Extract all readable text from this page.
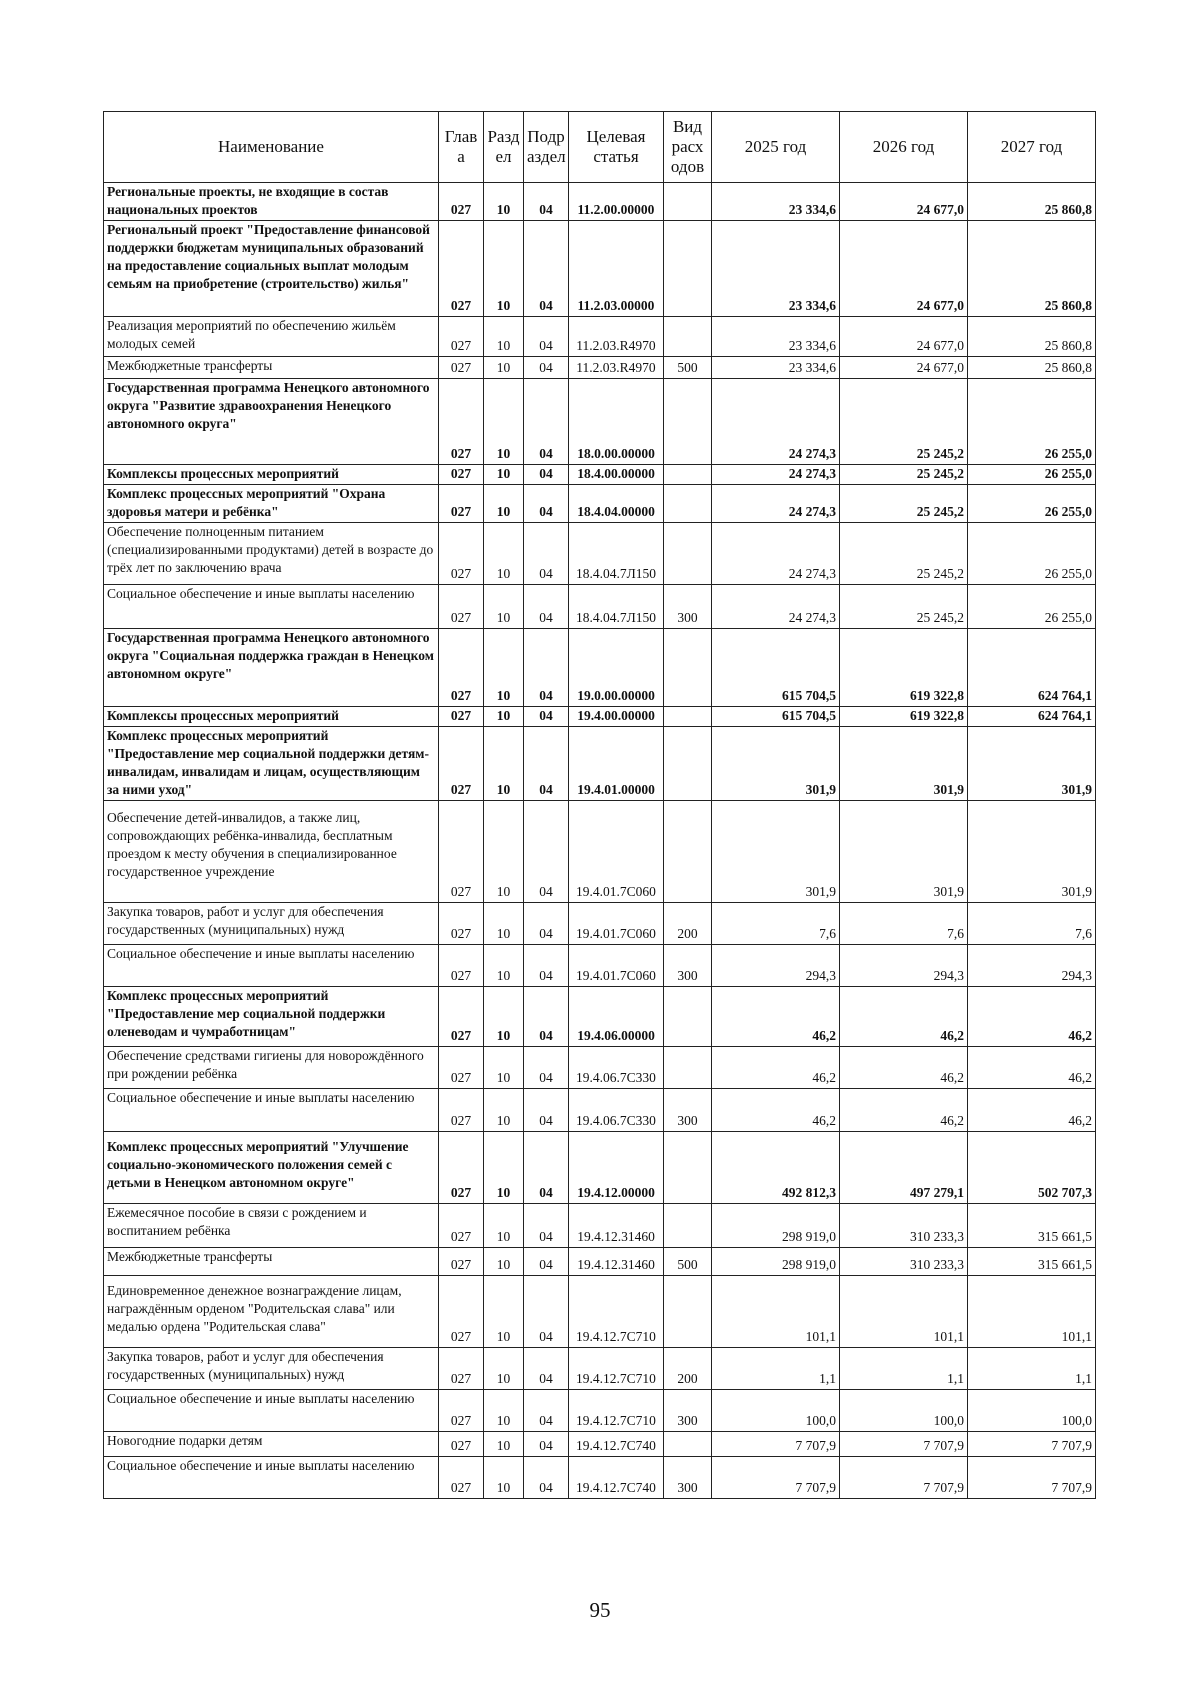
Наименование	Глав а	Разд ел	Подр аздел	Целевая статья	Вид расх одов	2025 год	2026 год	2027 год
Региональные проекты, не входящие в состав национальных проектов	027	10	04	11.2.00.00000		23 334,6	24 677,0	25 860,8
Региональный проект "Предоставление финансовой поддержки бюджетам муниципальных образований на предоставление социальных выплат молодым семьям на приобретение (строительство) жилья"	027	10	04	11.2.03.00000		23 334,6	24 677,0	25 860,8
Реализация мероприятий по обеспечению жильём молодых семей	027	10	04	11.2.03.R4970		23 334,6	24 677,0	25 860,8
Межбюджетные трансферты	027	10	04	11.2.03.R4970	500	23 334,6	24 677,0	25 860,8
Государственная программа Ненецкого автономного округа "Развитие здравоохранения Ненецкого автономного округа"	027	10	04	18.0.00.00000		24 274,3	25 245,2	26 255,0
Комплексы процессных мероприятий	027	10	04	18.4.00.00000		24 274,3	25 245,2	26 255,0
Комплекс процессных мероприятий "Охрана здоровья матери и ребёнка"	027	10	04	18.4.04.00000		24 274,3	25 245,2	26 255,0
Обеспечение полноценным питанием (специализированными продуктами) детей в возрасте до трёх лет по заключению врача	027	10	04	18.4.04.7Л150		24 274,3	25 245,2	26 255,0
Социальное обеспечение и иные выплаты населению	027	10	04	18.4.04.7Л150	300	24 274,3	25 245,2	26 255,0
Государственная программа Ненецкого автономного округа "Социальная поддержка граждан в Ненецком автономном округе"	027	10	04	19.0.00.00000		615 704,5	619 322,8	624 764,1
Комплексы процессных мероприятий	027	10	04	19.4.00.00000		615 704,5	619 322,8	624 764,1
Комплекс процессных мероприятий "Предоставление мер социальной поддержки детям-инвалидам, инвалидам и лицам, осуществляющим за ними уход"	027	10	04	19.4.01.00000		301,9	301,9	301,9
Обеспечение детей-инвалидов, а также лиц, сопровождающих ребёнка-инвалида, бесплатным проездом к месту обучения в специализированное государственное учреждение	027	10	04	19.4.01.7С060		301,9	301,9	301,9
Закупка товаров, работ и услуг для обеспечения государственных (муниципальных) нужд	027	10	04	19.4.01.7С060	200	7,6	7,6	7,6
Социальное обеспечение и иные выплаты населению	027	10	04	19.4.01.7С060	300	294,3	294,3	294,3
Комплекс процессных мероприятий "Предоставление мер социальной поддержки оленеводам и чумработницам"	027	10	04	19.4.06.00000		46,2	46,2	46,2
Обеспечение средствами гигиены для новорождённого при рождении ребёнка	027	10	04	19.4.06.7С330		46,2	46,2	46,2
Социальное обеспечение и иные выплаты населению	027	10	04	19.4.06.7С330	300	46,2	46,2	46,2
Комплекс процессных мероприятий "Улучшение социально-экономического положения семей с детьми в Ненецком автономном округе"	027	10	04	19.4.12.00000		492 812,3	497 279,1	502 707,3
Ежемесячное пособие в связи с рождением и воспитанием ребёнка	027	10	04	19.4.12.31460		298 919,0	310 233,3	315 661,5
Межбюджетные трансферты	027	10	04	19.4.12.31460	500	298 919,0	310 233,3	315 661,5
Единовременное денежное вознаграждение лицам, награждённым орденом "Родительская слава" или медалью ордена "Родительская слава"	027	10	04	19.4.12.7С710		101,1	101,1	101,1
Закупка товаров, работ и услуг для обеспечения государственных (муниципальных) нужд	027	10	04	19.4.12.7С710	200	1,1	1,1	1,1
Социальное обеспечение и иные выплаты населению	027	10	04	19.4.12.7С710	300	100,0	100,0	100,0
Новогодние подарки детям	027	10	04	19.4.12.7С740		7 707,9	7 707,9	7 707,9
Социальное обеспечение и иные выплаты населению	027	10	04	19.4.12.7С740	300	7 707,9	7 707,9	7 707,9
95
